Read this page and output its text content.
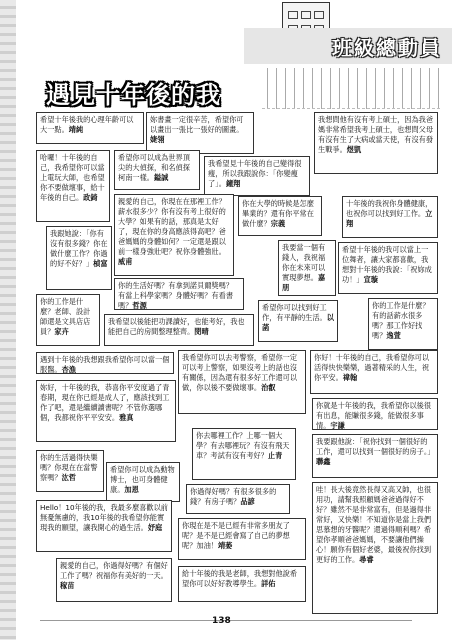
班級總動員
遇見十年後的我
希望十年後我的心理年齡可以大一點。靖純
妳書畫一定很辛苦，希望你可以畫出一張比一張好的圖畫。婕翎
我想問他有沒有考上碩士，因為我爸媽非常希望我考上碩士，也想問父母有沒有生了大病或當天使，有沒有發生戰爭。煜凱
哈囉！十年後的自己，我希望你可以當上電玩大師，也希望你不要做壞事，給十年後的自己。政錡
希望你可以成為世界頂尖的大偵探，和名偵探柯南一樣。鎰誠
我希望見十年後的自己變得很瘦，所以我跟說你：「你變瘦了」。鐘翔
親愛的自己，你現在在那裡工作？薪水很多少？你有沒有考上很好的大學？如果有的話，那真是太好了，現在你的身高應該得高吧？爸爸媽媽的身體如何？一定還是跟以前一樣身強壯吧？祝你身體強壯。威甫
你在大學的時候是怎麼畢業的？還有你平常在做什麼？宗義
十年後的我祝你身體健康，也祝你可以找到好工作。立翔
我跟她說：「你有沒有很多錢？你在做什麼工作？你過的好不好？」楨富
我要當一個有錢人，我祝福你在未來可以實現夢想。嘉朋
希望十年後的我可以當上一位舞者，讓大家都喜歡，我想對十年後的我說：「祝妳成功！」宣璇
你的生活好嗎？有拿到諾貝爾獎嗎？有當上科學家嗎？身體好嗎？有看書嗎？哲源
你的工作是什麼？老師、設計師還是文具店店員？家卉
我希望以後能把功課讀好，也能考好，我也能把自己的房間整理整齊。閔晴
希望你可以找到好工作，有平靜的生活。以菡
你的工作是什麼？有的話薪水很多嗎？那工作好找嗎？逸萱
遇到十年後的我想跟我希望你可以當一個服醫。杏漁
我希望你可以去考警察，希望你一定可以考上警察，如果沒考上的話也沒有關係，因為還有很多好工作還可以做，你以後不要做壞事。治叡
你好！十年後的自己，我希望你可以活得快快樂樂，過著精采的人生，祝你平安。禕翰
妳好，十年後的我，恭喜你平安度過了青春期，現在你已經是成人了，應該找到工作了吧，還是繼續讀書呢？不管你選哪個，我都祝你平平安安。雅真
你就是十年後的我，我希望你以後很有出息，能賺很多錢，能做很多事情。宇謙
你去哪裡工作？上哪一個大學？有去哪裡玩？有沒有飛天車？考試有沒有考好？止青
我要跟他說：「祝你找到一個很好的工作，還可以找到一個很好的房子。」聯鑫
你的生活過得快樂嗎？你現在在當警察嗎？汯哲
希望你可以成為動物博士，也可身體健康。加恩	你過得好嗎？有很多很多的錢？有房子嗎？品諺
哇！長大後竟然長得又高又帥，也很用功，請幫我照顧媽爸爸過得好不好？雖然不是非常富有，但是過得非常好，又快樂！不知道你是當上我們思慕想的牙醫呢？還過得順利嗎？希望你孝順爸爸媽媽，不要讓他們操心！願你有個好老婆，最後祝你找到更好的工作。尋睿
Hello！10年後的我，我最多麼喜歡以前無憂無慮的，我10年後的我希望你能實現我的願望，讓我開心的過生活。妤庭	你現在是不是已經有非常多朋友了呢？是不是已經會寫了自己的夢想呢？加油！靖萎
親愛的自己，你過得好嗎？有個好工作了嗎？祝福你有美好的一天。稼苗
給十年後的我是老師，我想對他說希望你可以好好教導學生。詳佑
138
